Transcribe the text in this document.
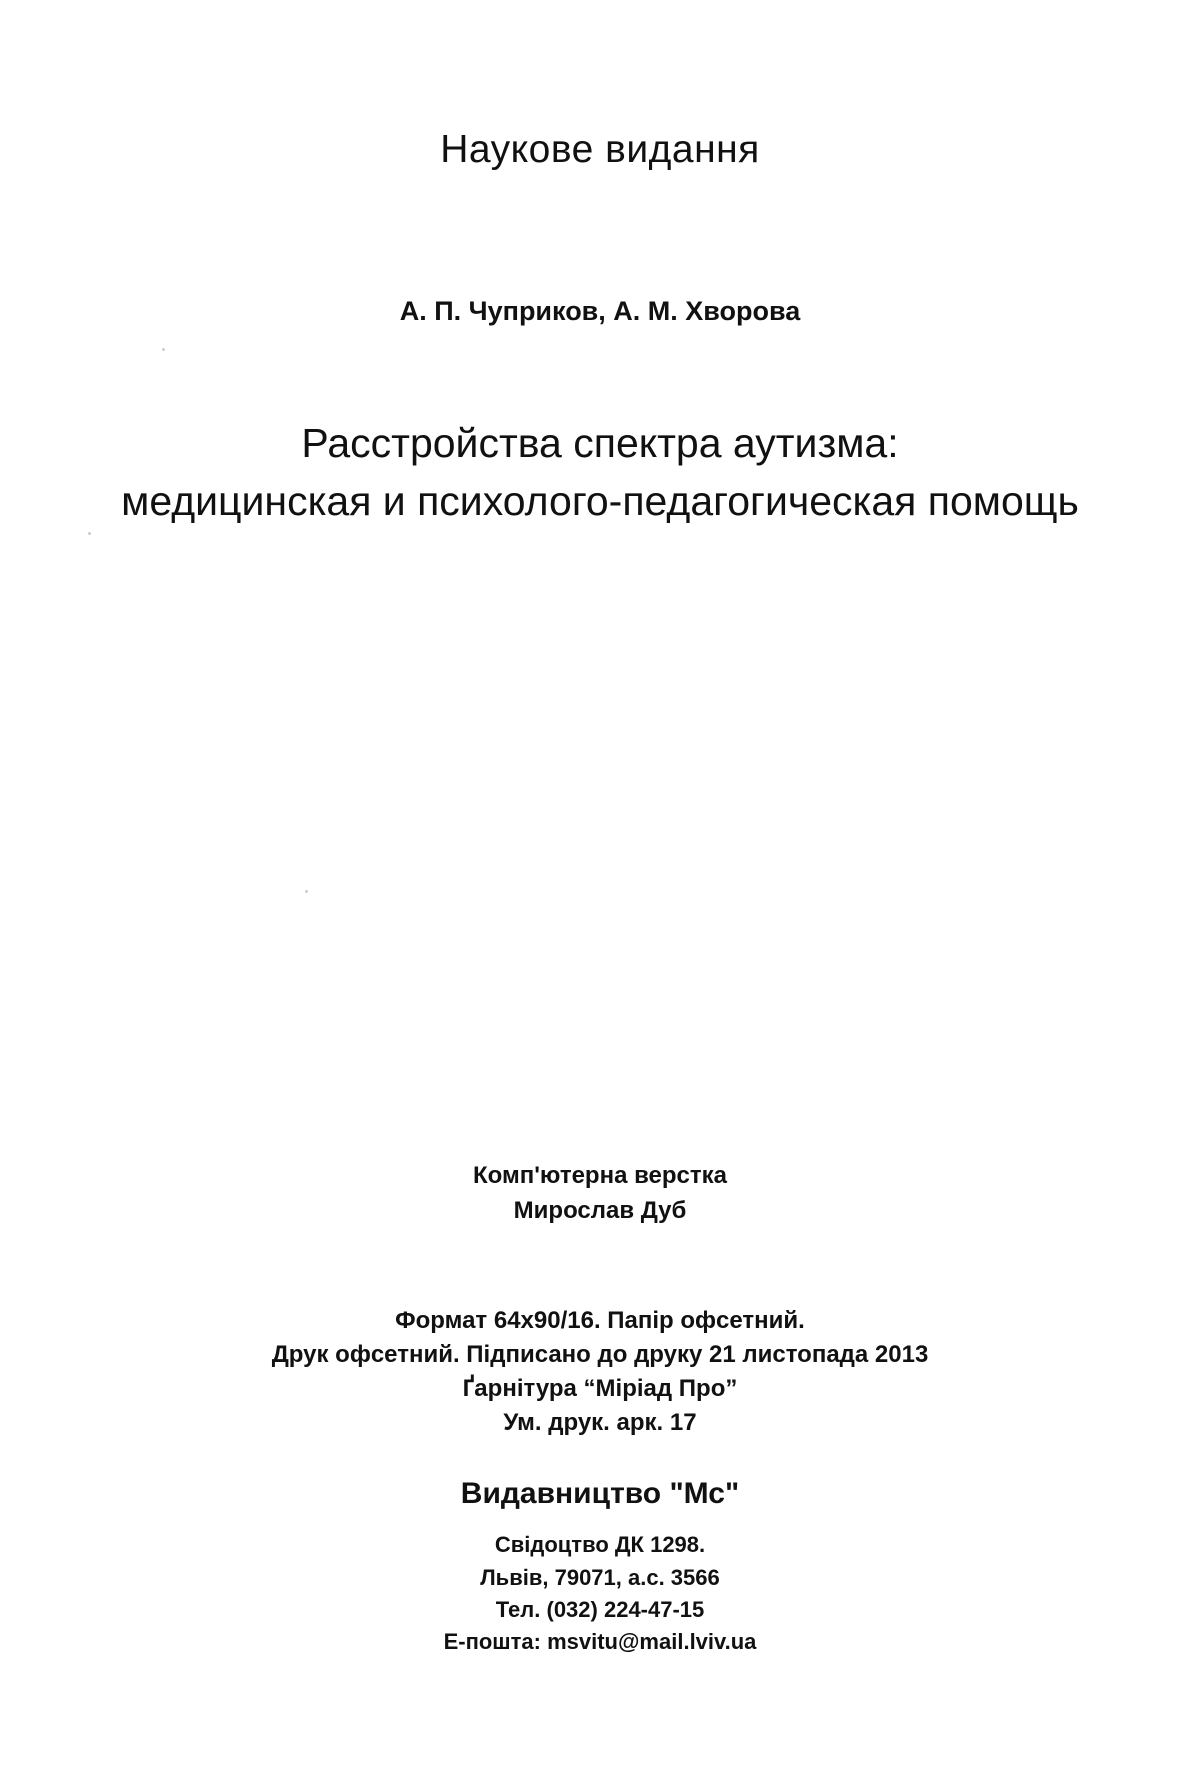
Наукове видання
А. П. Чуприков, А. М. Хворова
Расстройства спектра аутизма:
медицинская и психолого-педагогическая помощь
Комп'ютерна верстка
Мирослав Дуб
Формат 64x90/16. Папір офсетний.
Друк офсетний. Підписано до друку 21 листопада 2013
Ґарнітура “Міріад Про”
Ум. друк. арк. 17
Видавництво "Мс"
Свідоцтво ДК 1298.
Львів, 79071, а.с. 3566
Тел. (032) 224-47-15
E-пошта: msvitu@mail.lviv.ua
